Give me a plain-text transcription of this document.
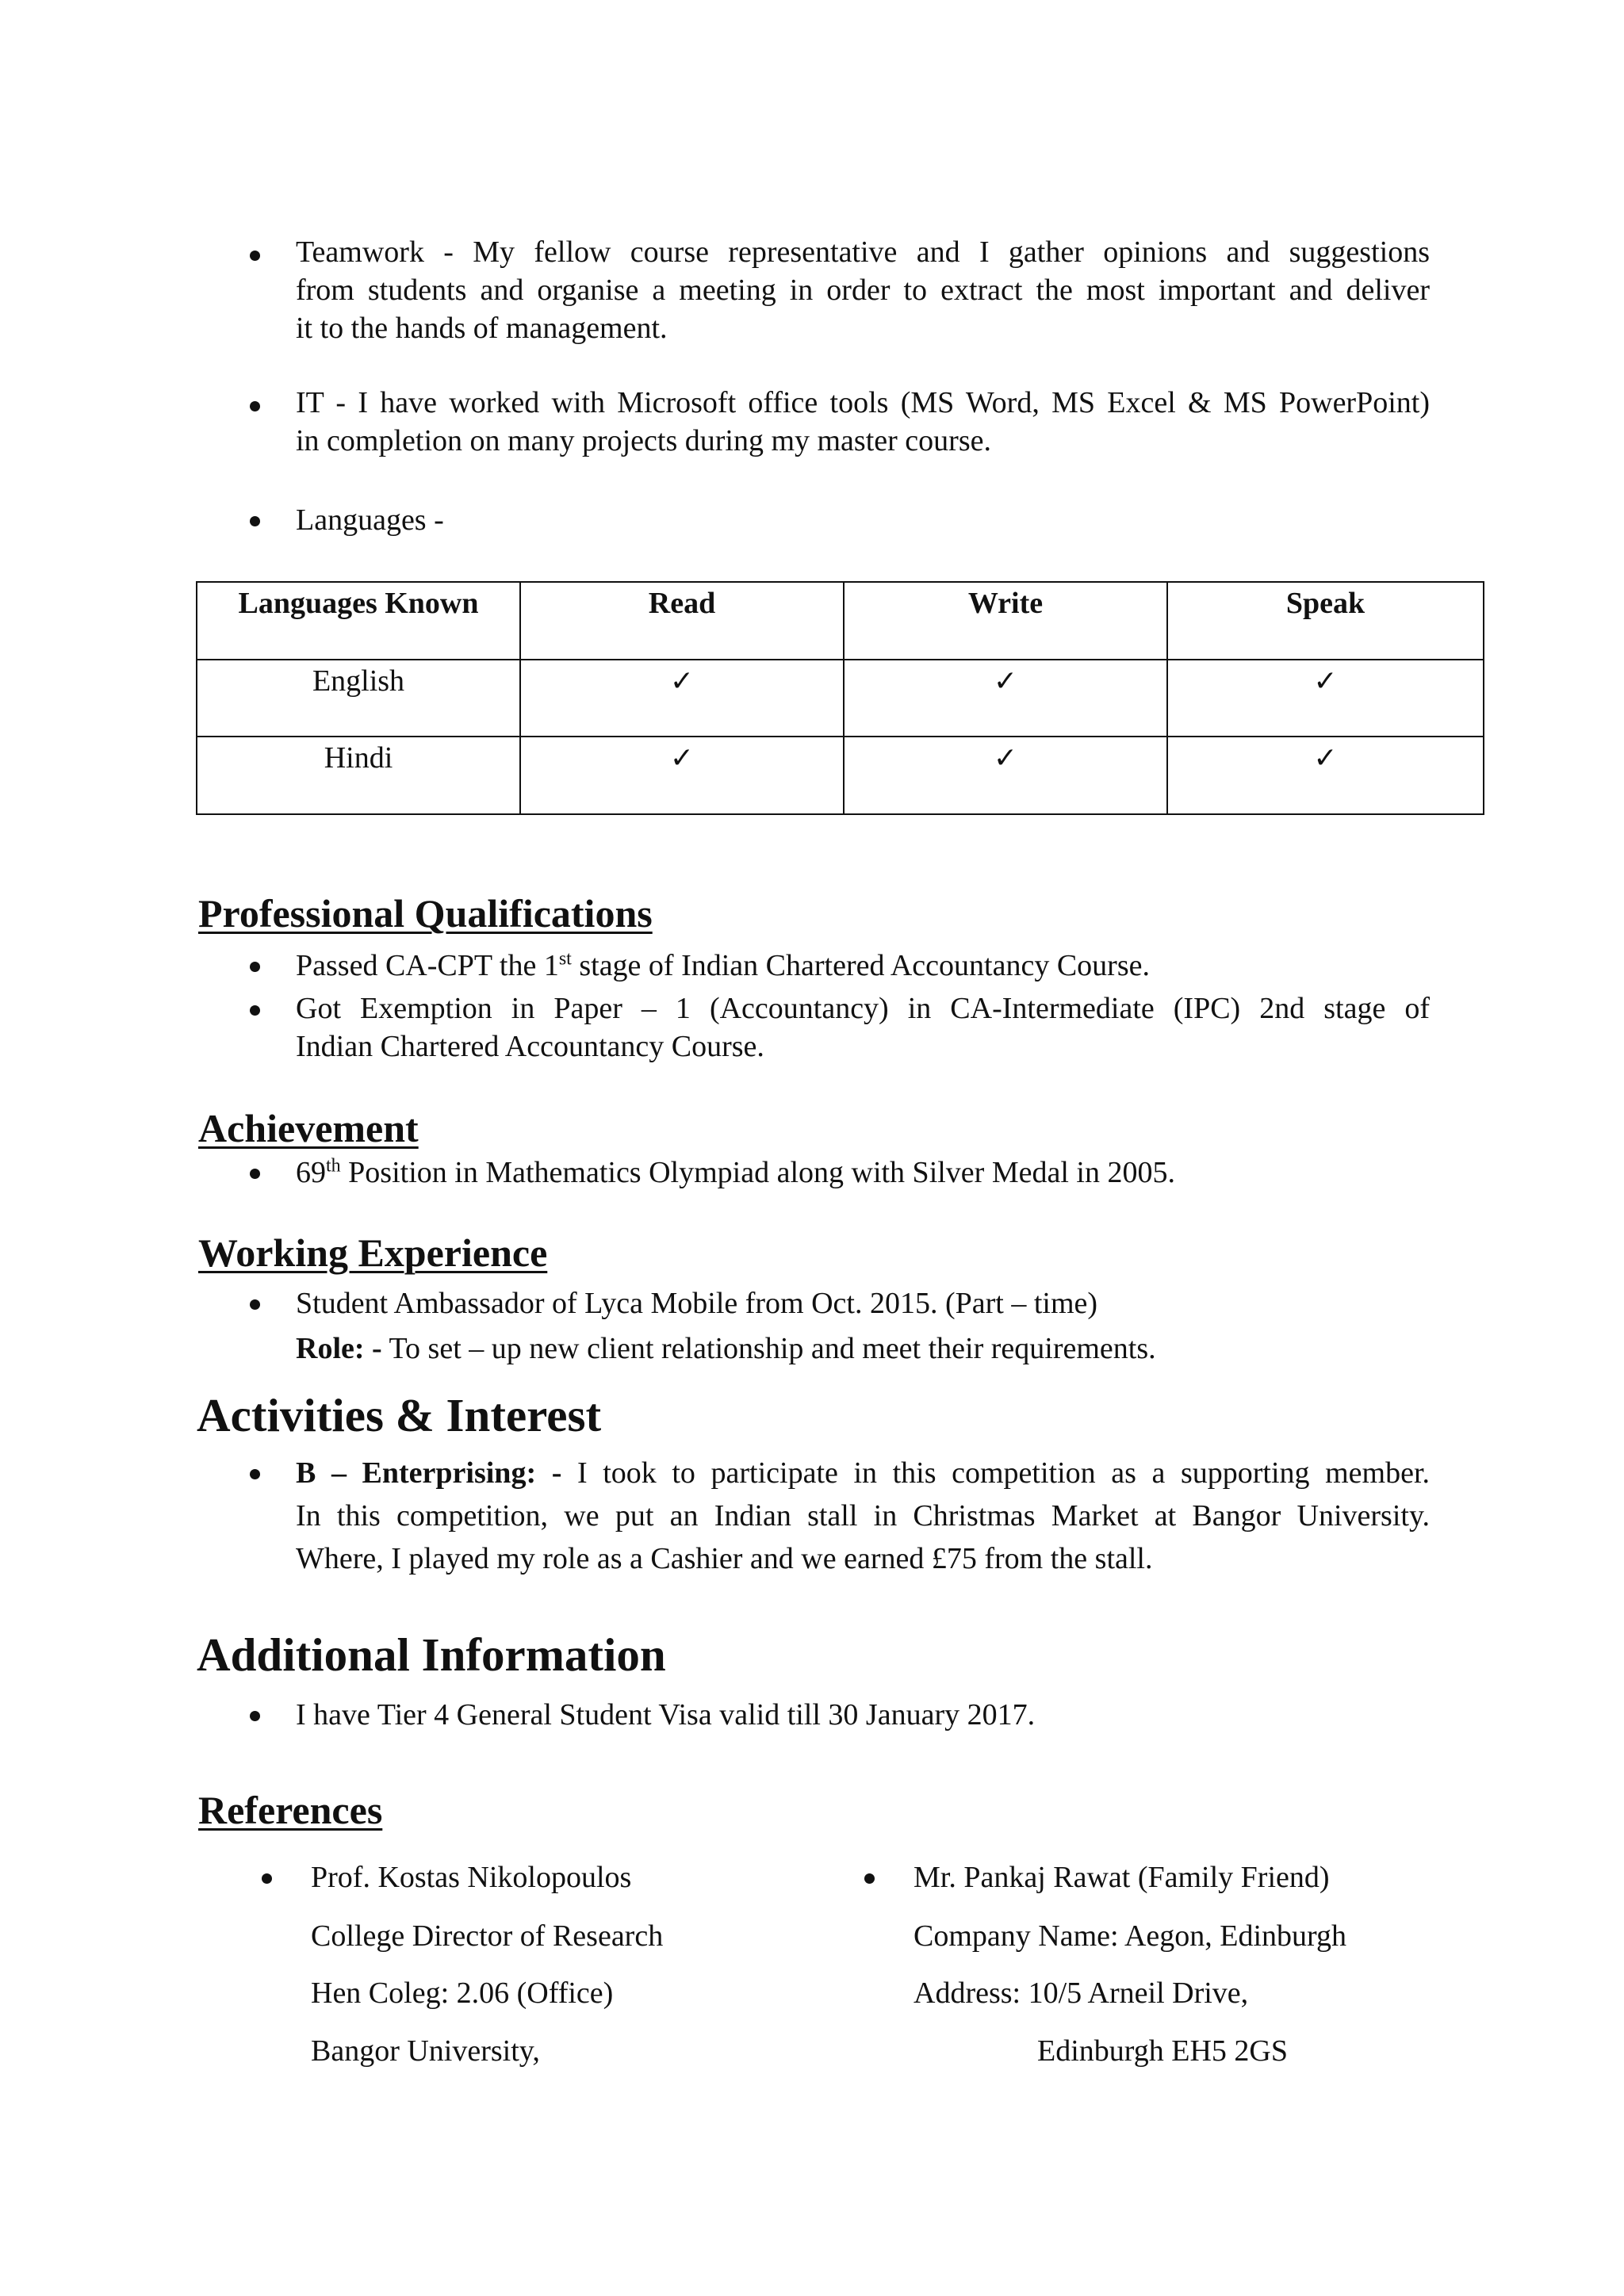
Teamwork - My fellow course representative and I gather opinions and suggestions
from students and organise a meeting in order to extract the most important and deliver
it to the hands of management.
IT - I have worked with Microsoft office tools (MS Word, MS Excel & MS PowerPoint)
in completion on many projects during my master course.
Languages -
Languages Known	Read	Write	Speak
English	✓	✓	✓
Hindi	✓	✓	✓
Professional Qualifications
Passed CA-CPT the 1st stage of Indian Chartered Accountancy Course.
Got Exemption in Paper – 1 (Accountancy) in CA-Intermediate (IPC) 2nd stage of
Indian Chartered Accountancy Course.
Achievement
69th Position in Mathematics Olympiad along with Silver Medal in 2005.
Working Experience
Student Ambassador of Lyca Mobile from Oct. 2015. (Part – time)
Role: - To set – up new client relationship and meet their requirements.
Activities & Interest
B – Enterprising: - I took to participate in this competition as a supporting member.
In this competition, we put an Indian stall in Christmas Market at Bangor University.
Where, I played my role as a Cashier and we earned £75 from the stall.
Additional Information
I have Tier 4 General Student Visa valid till 30 January 2017.
References
Prof. Kostas Nikolopoulos
College Director of Research
Hen Coleg: 2.06 (Office)
Bangor University,
Mr. Pankaj Rawat (Family Friend)
Company Name: Aegon, Edinburgh
Address: 10/5 Arneil Drive,
Edinburgh EH5 2GS
